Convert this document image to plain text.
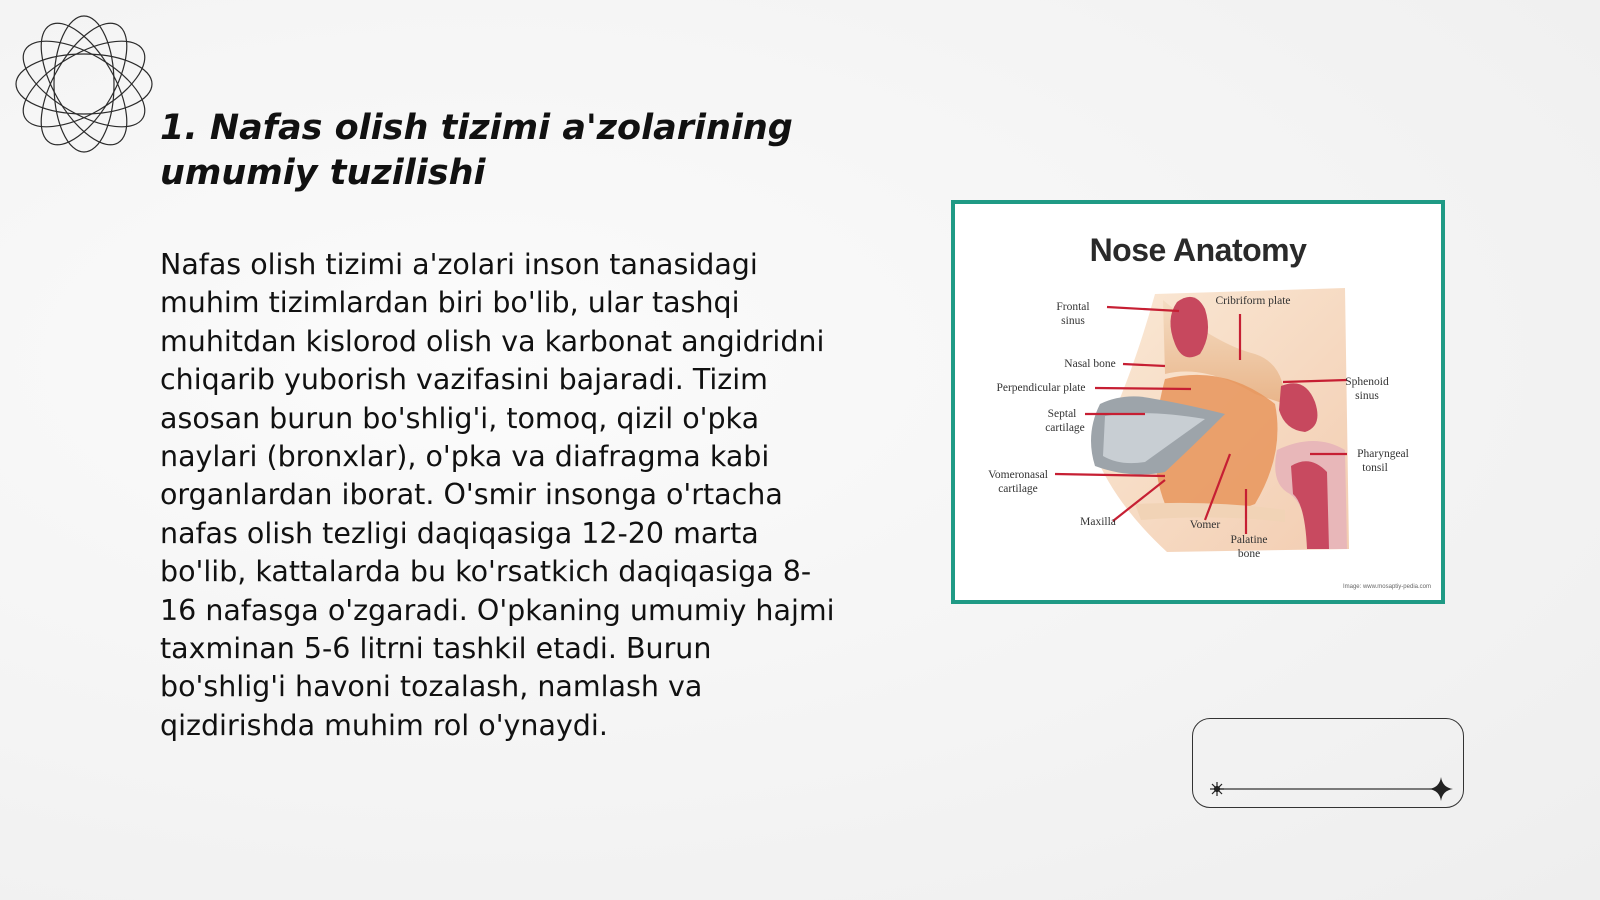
1. Nafas olish tizimi a'zolarining umumiy tuzilishi

Nafas olish tizimi a'zolari inson tanasidagi muhim tizimlardan biri bo'lib, ular tashqi muhitdan kislorod olish va karbonat angidridni chiqarib yuborish vazifasini bajaradi. Tizim asosan burun bo'shlig'i, tomoq, qizil o'pka naylari (bronxlar), o'pka va diafragma kabi organlardan iborat. O'smir insonga o'rtacha nafas olish tezligi daqiqasiga 12-20 marta bo'lib, kattalarda bu ko'rsatkich daqiqasiga 8-16 nafasga o'zgaradi. O'pkaning umumiy hajmi taxminan 5-6 litrni tashkil etadi. Burun bo'shlig'i havoni tozalash, namlash va qizdirishda muhim rol o'ynaydi.

Nose Anatomy
Frontal
sinus
Cribriform plate
Nasal bone
Perpendicular plate	Sphenoid
sinus
Septal
cartilage
Pharyngeal
tonsil
Vomeronasal
cartilage
Maxilla	Vomer
Palatine
bone
Image: www.mosaptiy-pedia.com
